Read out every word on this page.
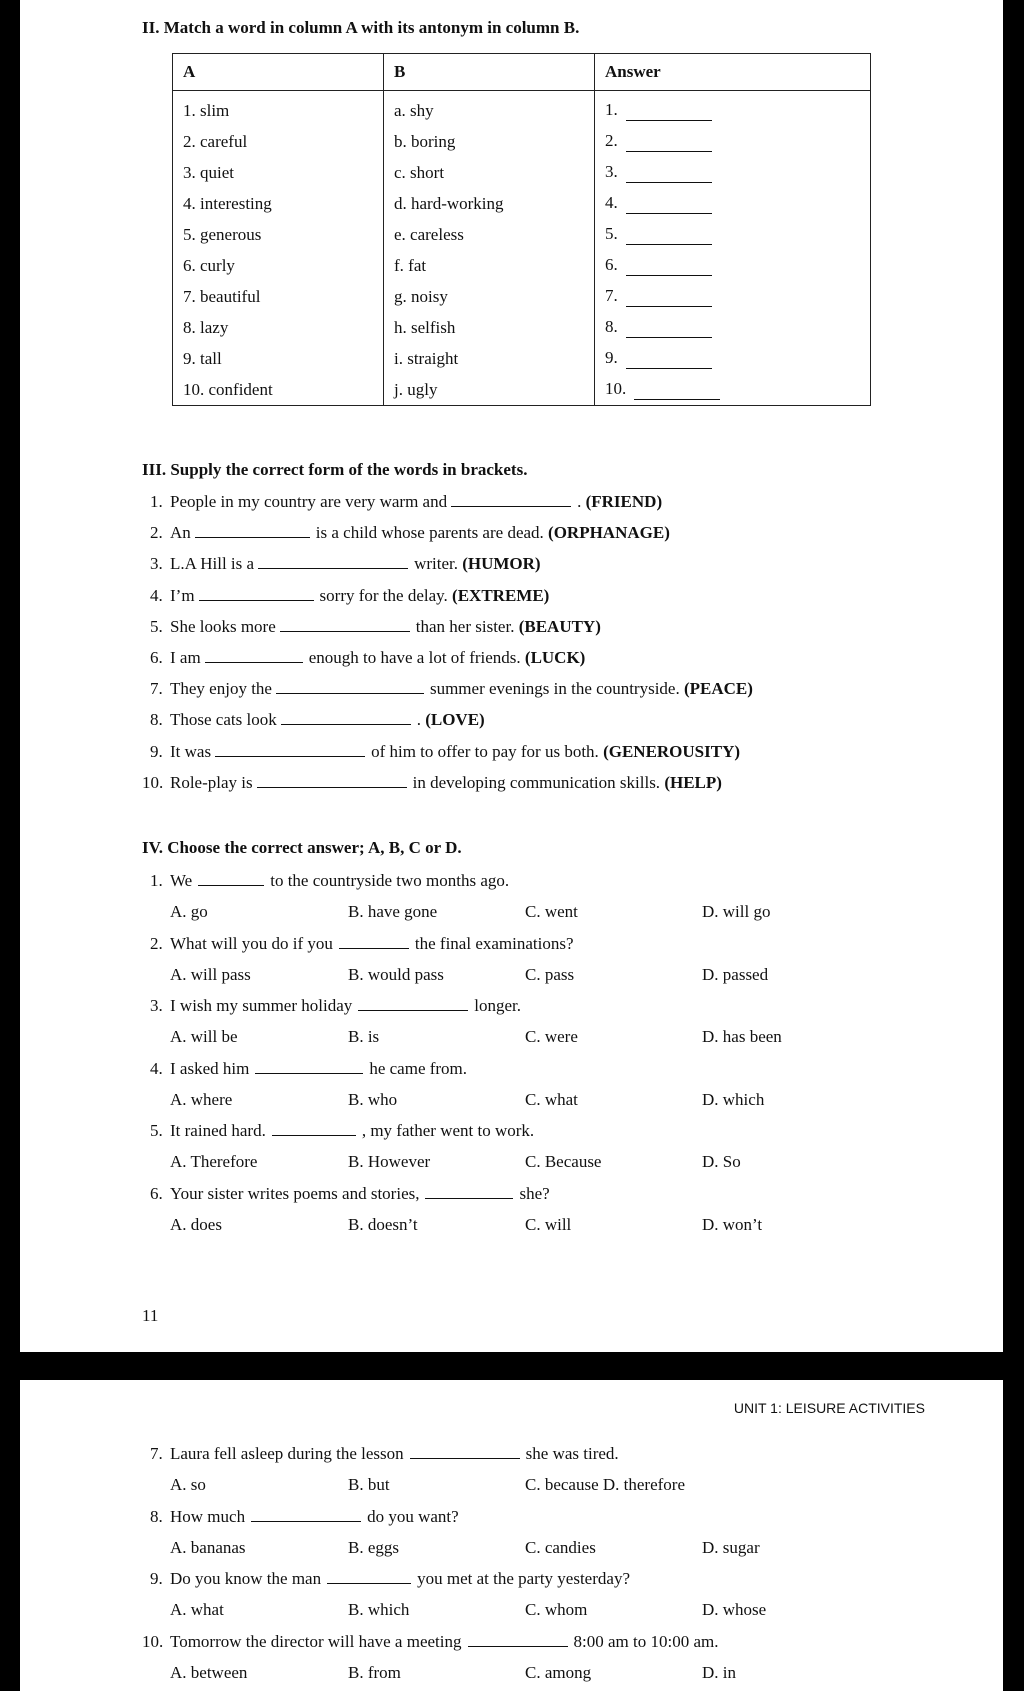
II. Match a word in column A with its antonym in column B.
A	B	Answer
1. slim	a. shy	1.
2. careful	b. boring	2.
3. quiet	c. short	3.
4. interesting	d. hard-working	4.
5. generous	e. careless	5.
6. curly	f. fat	6.
7. beautiful	g. noisy	7.
8. lazy	h. selfish	8.
9. tall	i. straight	9.
10. confident	j. ugly	10.
III. Supply the correct form of the words in brackets.
1. People in my country are very warm and	. (FRIEND)
2. An	is a child whose parents are dead. (ORPHANAGE)
3. L.A Hill is a	writer. (HUMOR)
4. I’m	sorry for the delay. (EXTREME)
5. She looks more	than her sister. (BEAUTY)
6. I am	enough to have a lot of friends. (LUCK)
7. They enjoy the	summer evenings in the countryside. (PEACE)
8. Those cats look	. (LOVE)
9. It was	of him to offer to pay for us both. (GENEROUSITY)
10. Role-play is	in developing communication skills. (HELP)
IV. Choose the correct answer; A, B, C or D.
1. We	to the countryside two months ago.
A. go	B. have gone	C. went	D. will go
2. What will you do if you	the final examinations?
A. will pass	B. would pass	C. pass	D. passed
3. I wish my summer holiday	longer.
A. will be	B. is	C. were	D. has been
4. I asked him	he came from.
A. where	B. who	C. what	D. which
5. It rained hard.	, my father went to work.
A. Therefore	B. However	C. Because	D. So
6. Your sister writes poems and stories,	she?
A. does	B. doesn’t	C. will	D. won’t
11
UNIT 1: LEISURE ACTIVITIES
7. Laura fell asleep during the lesson	she was tired.
A. so	B. but	C. because D. therefore
8. How much	do you want?
A. bananas	B. eggs	C. candies	D. sugar
9. Do you know the man	you met at the party yesterday?
A. what	B. which	C. whom	D. whose
10. Tomorrow the director will have a meeting	8:00 am to 10:00 am.
A. between	B. from	C. among	D. in
